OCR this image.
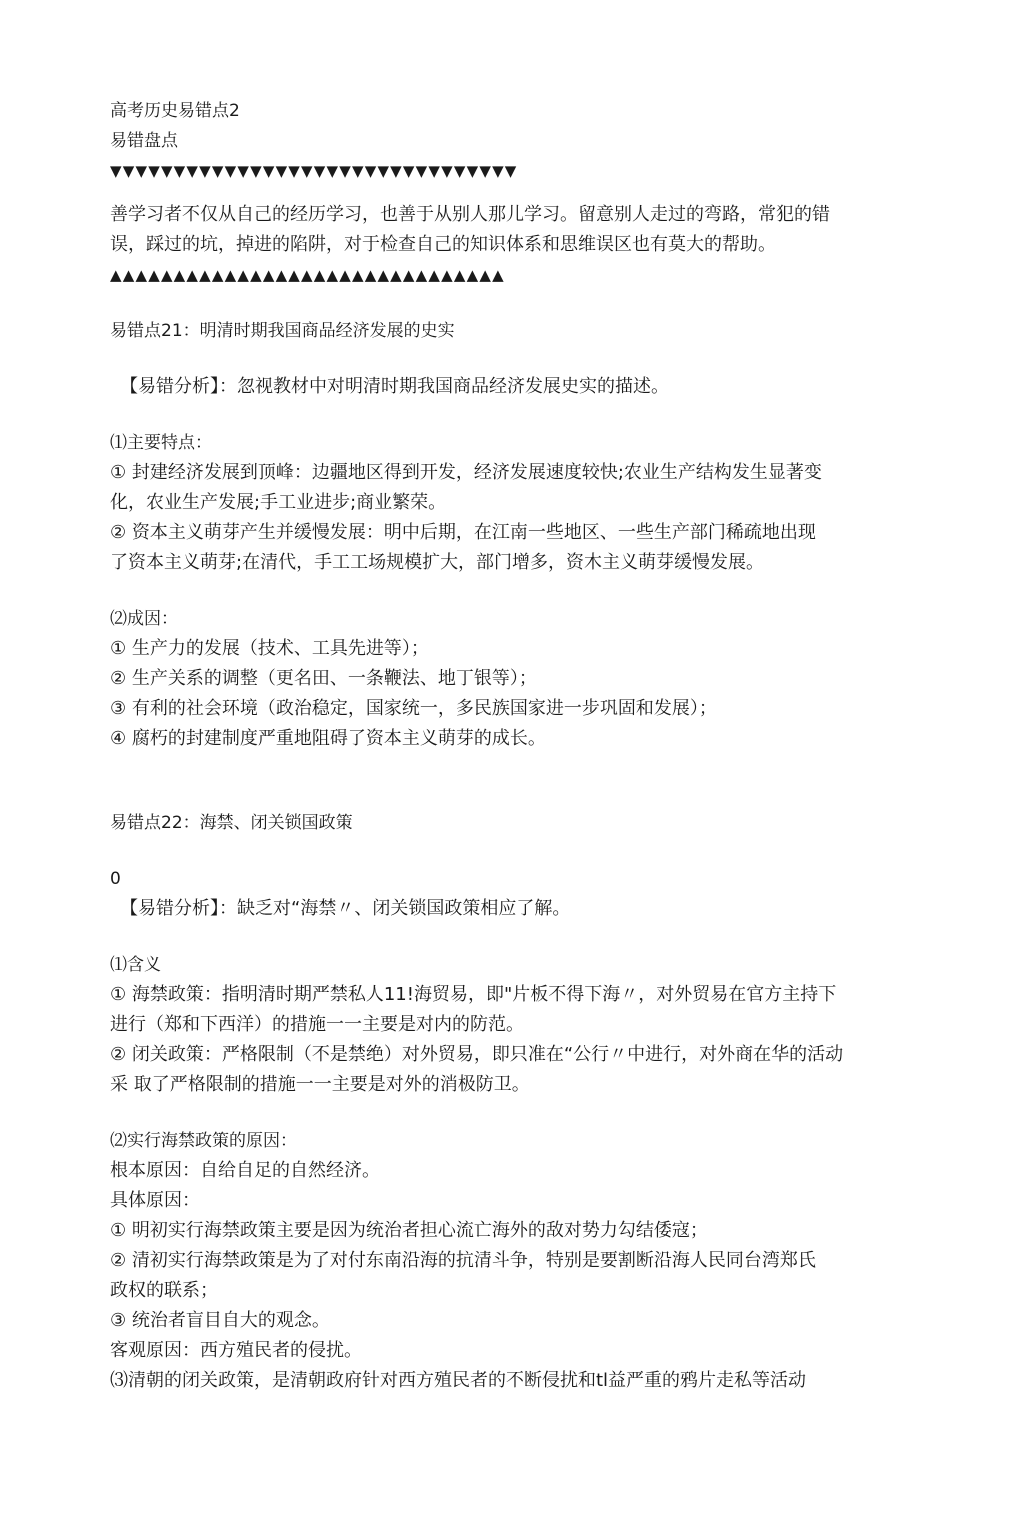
高考历史易错点2
易错盘点
▼▼▼▼▼▼▼▼▼▼▼▼▼▼▼▼▼▼▼▼▼▼▼▼▼▼▼▼▼▼▼▼
善学习者不仅从自己的经历学习，也善于从别人那儿学习。留意别人走过的弯路，常犯的错
误，踩过的坑，掉进的陷阱，对于检查自己的知识体系和思维误区也有莫大的帮助。
▲▲▲▲▲▲▲▲▲▲▲▲▲▲▲▲▲▲▲▲▲▲▲▲▲▲▲▲▲▲▲
易错点21：明清时期我国商品经济发展的史实
【易错分析】：忽视教材中对明清时期我国商品经济发展史实的描述。
⑴主要特点：
① 封建经济发展到顶峰：边疆地区得到开发，经济发展速度较快;农业生产结构发生显著变
化，农业生产发展;手工业进步;商业繁荣。
② 资本主义萌芽产生并缓慢发展：明中后期，在江南一些地区、一些生产部门稀疏地出现
了资本主义萌芽;在清代，手工工场规模扩大，部门增多，资木主义萌芽缓慢发展。
⑵成因：
① 生产力的发展（技术、工具先进等）；
② 生产关系的调整（更名田、一条鞭法、地丁银等）；
③ 有利的社会环境（政治稳定，国家统一，多民族国家进一步巩固和发展）；
④ 腐朽的封建制度严重地阻碍了资本主义萌芽的成长。
易错点22：海禁、闭关锁国政策
0
【易错分析】：缺乏对“海禁〃、闭关锁国政策相应了解。
⑴含义
① 海禁政策：指明清时期严禁私人11!海贸易，即"片板不得下海〃，对外贸易在官方主持下
进行（郑和下西洋）的措施一一主要是对内的防范。
② 闭关政策：严格限制（不是禁绝）对外贸易，即只准在“公行〃中进行，对外商在华的活动
采 取了严格限制的措施一一主要是对外的消极防卫。
⑵实行海禁政策的原因：
根本原因：自给自足的自然经济。
具体原因：
① 明初实行海禁政策主要是因为统治者担心流亡海外的敌对势力勾结倭寇；
② 清初实行海禁政策是为了对付东南沿海的抗清斗争，特别是要割断沿海人民同台湾郑氏
政权的联系；
③ 统治者盲目自大的观念。
客观原因：西方殖民者的侵扰。
⑶清朝的闭关政策，是清朝政府针对西方殖民者的不断侵扰和tl益严重的鸦片走私等活动
